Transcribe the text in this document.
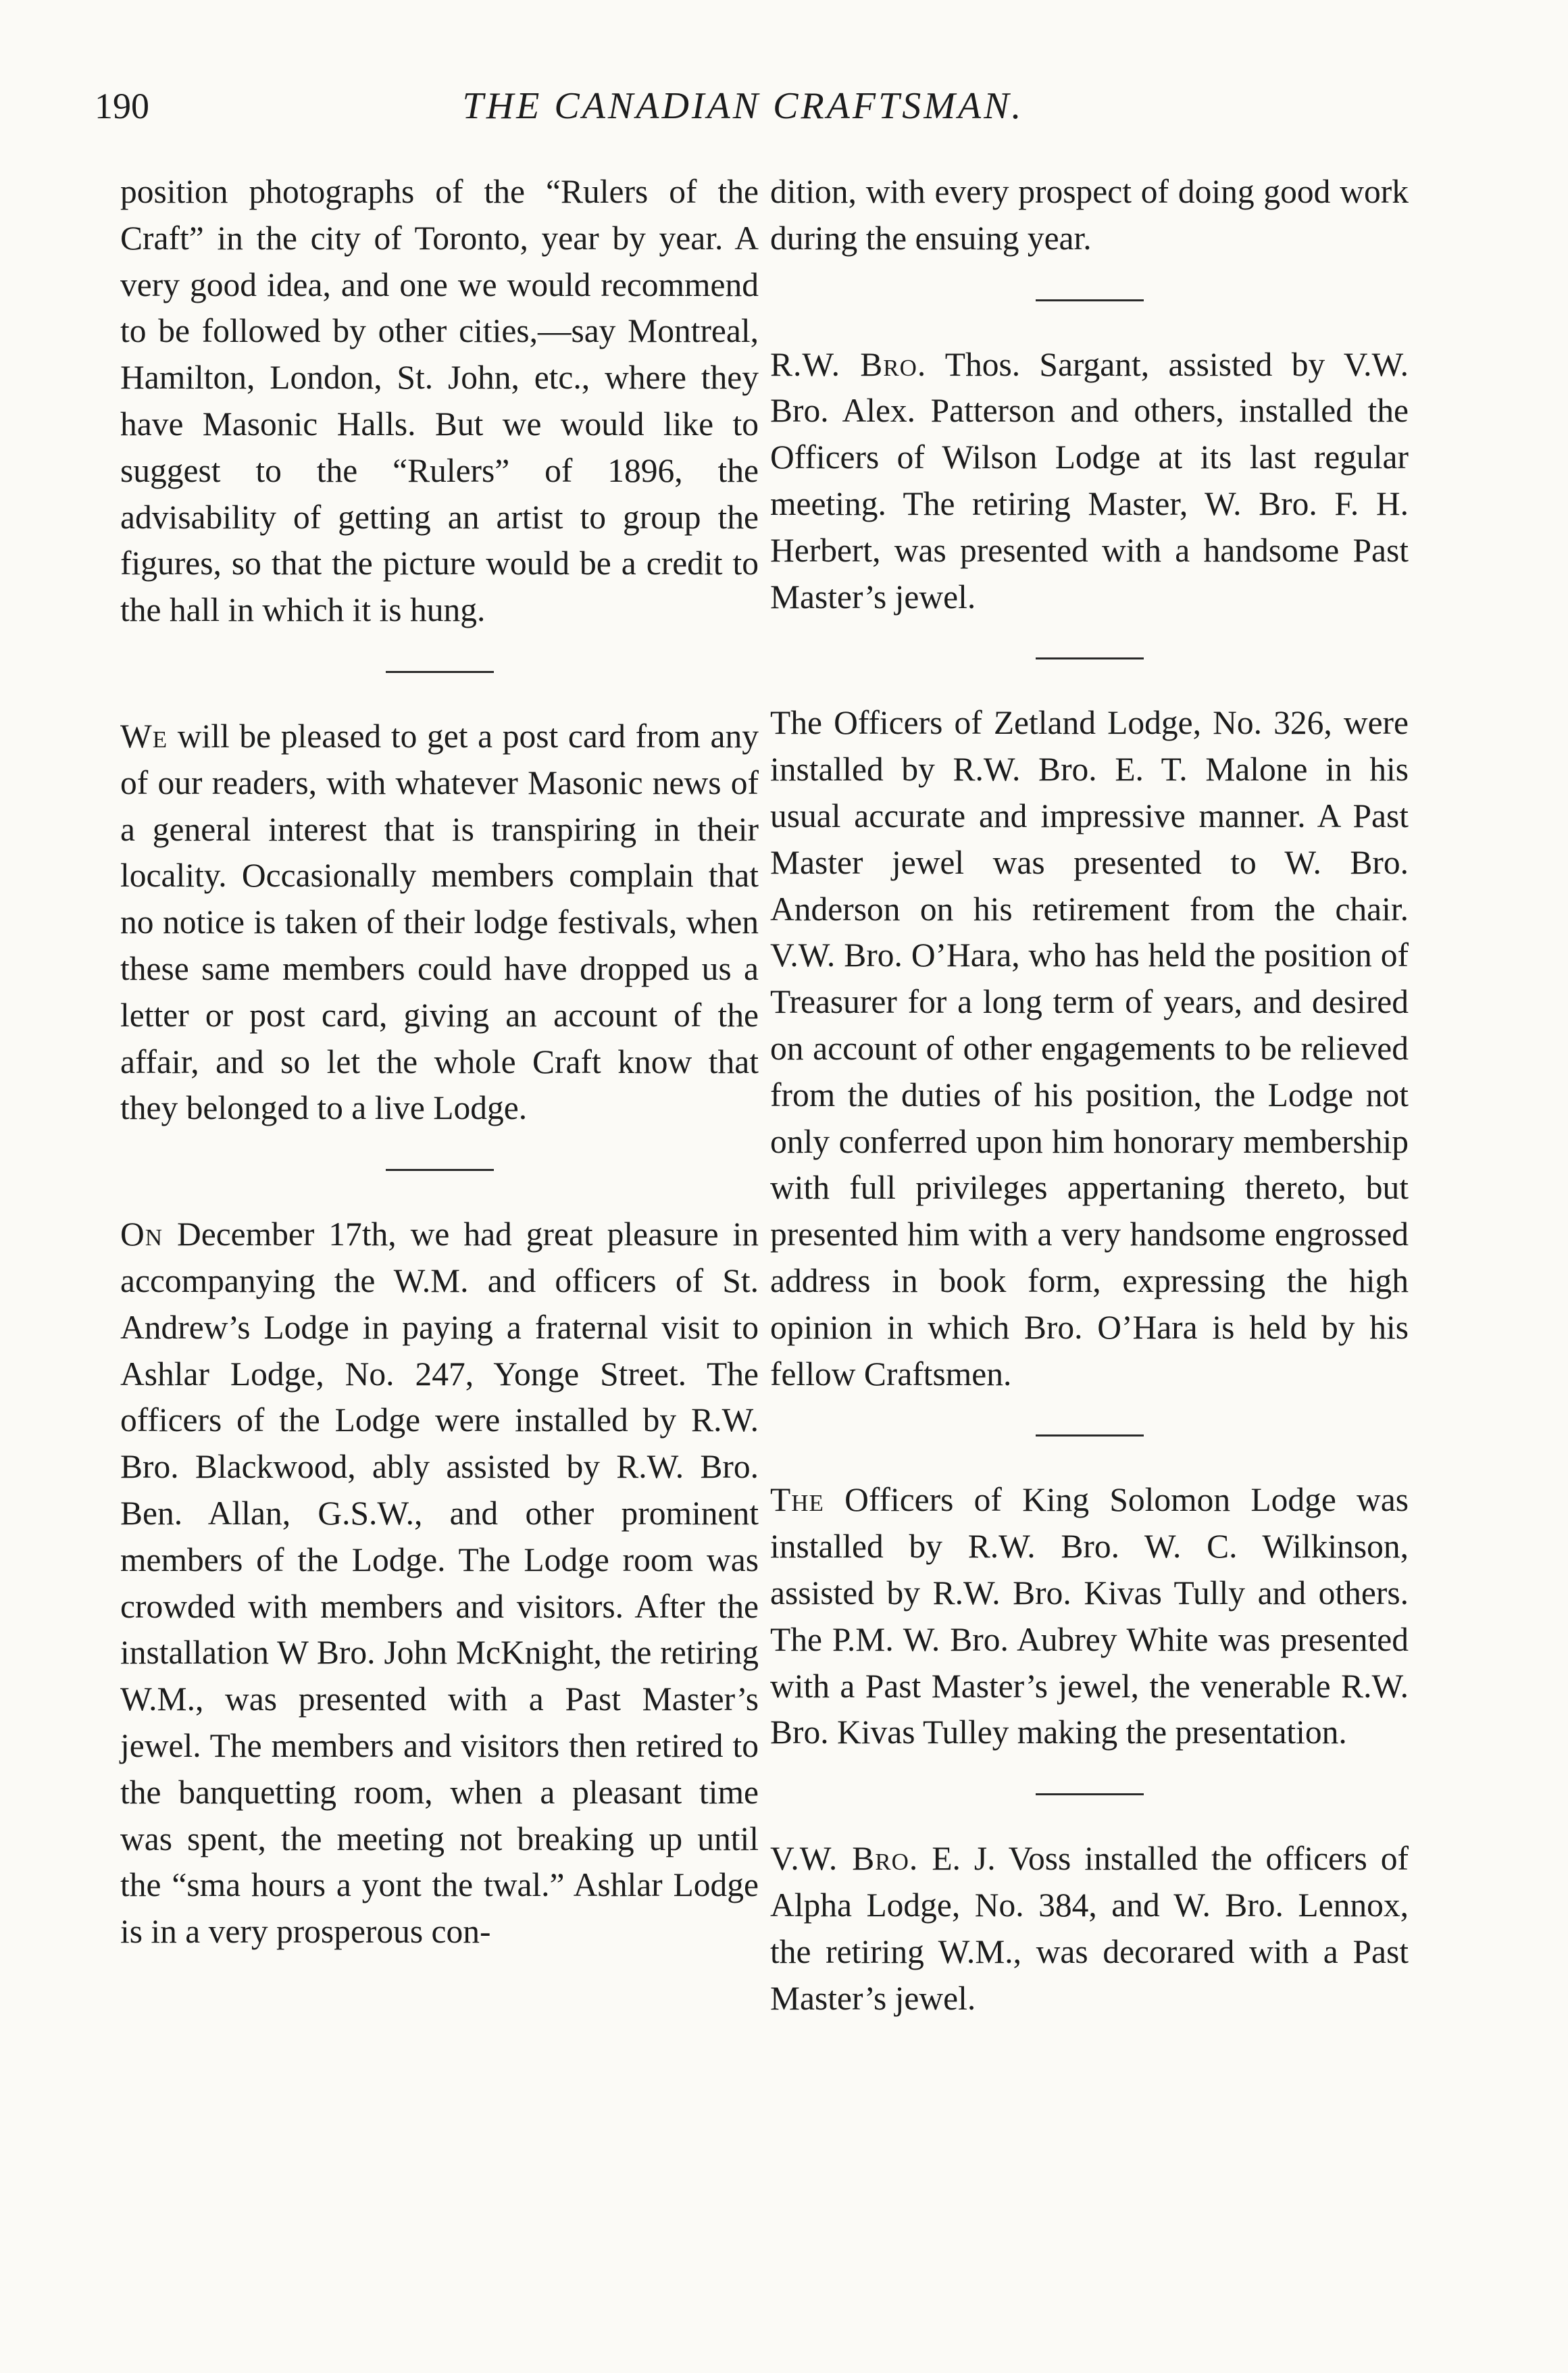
190	THE CANADIAN CRAFTSMAN.

position photographs of the “Rulers of the Craft” in the city of Toronto, year by year. A very good idea, and one we would recommend to be followed by other cities,—say Montreal, Hamilton, London, St. John, etc., where they have Masonic Halls. But we would like to suggest to the “Rulers” of 1896, the advisability of getting an artist to group the figures, so that the picture would be a credit to the hall in which it is hung.

We will be pleased to get a post card from any of our readers, with whatever Masonic news of a general interest that is transpiring in their locality. Occasionally members complain that no notice is taken of their lodge festivals, when these same members could have dropped us a letter or post card, giving an account of the affair, and so let the whole Craft know that they belonged to a live Lodge.

On December 17th, we had great pleasure in accompanying the W.M. and officers of St. Andrew’s Lodge in paying a fraternal visit to Ashlar Lodge, No. 247, Yonge Street. The officers of the Lodge were installed by R.W. Bro. Blackwood, ably assisted by R.W. Bro. Ben. Allan, G.S.W., and other prominent members of the Lodge. The Lodge room was crowded with members and visitors. After the installation W Bro. John McKnight, the retiring W.M., was presented with a Past Master’s jewel. The members and visitors then retired to the banquetting room, when a pleasant time was spent, the meeting not breaking up until the “sma hours a yont the twal.” Ashlar Lodge is in a very prosperous con-

dition, with every prospect of doing good work during the ensuing year.

R.W. Bro. Thos. Sargant, assisted by V.W. Bro. Alex. Patterson and others, installed the Officers of Wilson Lodge at its last regular meeting. The retiring Master, W. Bro. F. H. Herbert, was presented with a handsome Past Master’s jewel.

The Officers of Zetland Lodge, No. 326, were installed by R.W. Bro. E. T. Malone in his usual accurate and impressive manner. A Past Master jewel was presented to W. Bro. Anderson on his retirement from the chair. V.W. Bro. O’Hara, who has held the position of Treasurer for a long term of years, and desired on account of other engagements to be relieved from the duties of his position, the Lodge not only conferred upon him honorary membership with full privileges appertaning thereto, but presented him with a very handsome engrossed address in book form, expressing the high opinion in which Bro. O’Hara is held by his fellow Craftsmen.

The Officers of King Solomon Lodge was installed by R.W. Bro. W. C. Wilkinson, assisted by R.W. Bro. Kivas Tully and others. The P.M. W. Bro. Aubrey White was presented with a Past Master’s jewel, the venerable R.W. Bro. Kivas Tulley making the presentation.

V.W. Bro. E. J. Voss installed the officers of Alpha Lodge, No. 384, and W. Bro. Lennox, the retiring W.M., was decorared with a Past Master’s jewel.
